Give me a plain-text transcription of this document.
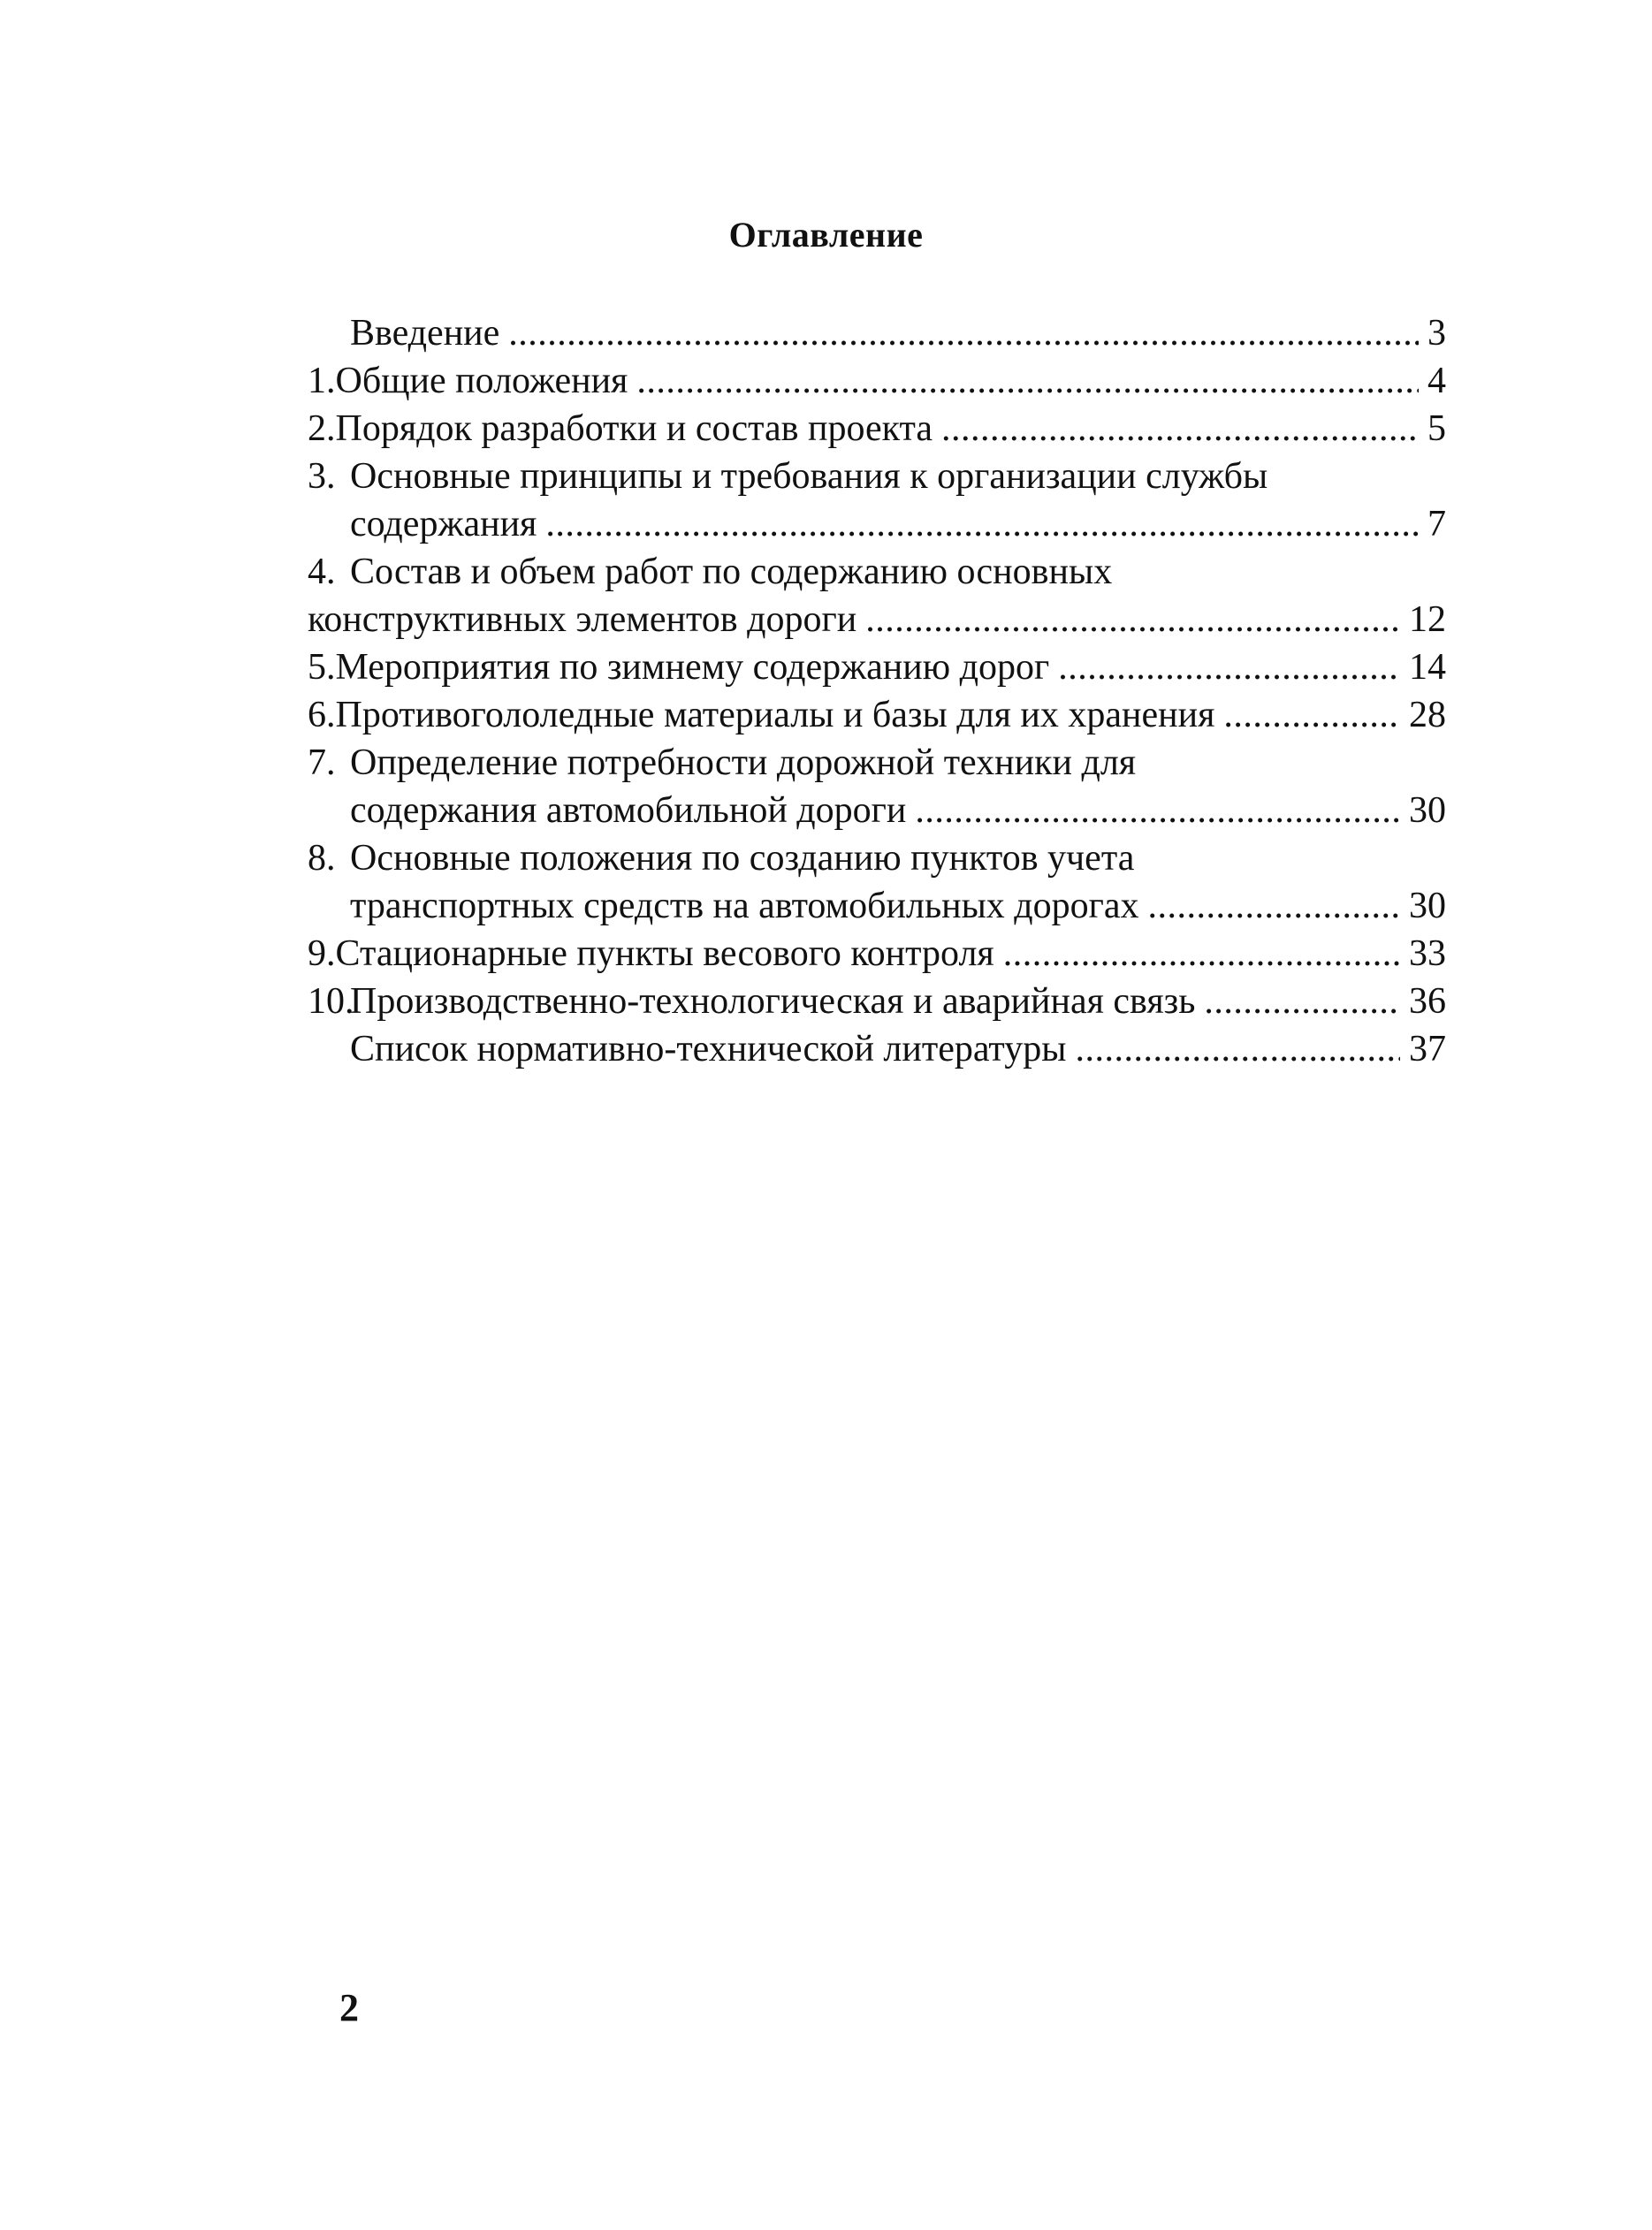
Оглавление
Введение . . .	3
1. Общие положения . . .	4
2. Порядок разработки и состав проекта . . .	5
3. Основные принципы и требования к организации службы
содержания . . .	7
4. Состав и объем работ по содержанию основных
конструктивных элементов дороги . . .	12
5. Мероприятия по зимнему содержанию дорог . . .	14
6. Противогололедные материалы и базы для их хранения . . .	28
7. Определение потребности дорожной техники для
содержания автомобильной дороги . . .	30
8. Основные положения по созданию пунктов учета
транспортных средств на автомобильных дорогах . . .	30
9. Стационарные пункты весового контроля . . .	33
10.
Производственно-технологическая и аварийная связь . . .	36
Список нормативно-технической литературы . . .	37
2
